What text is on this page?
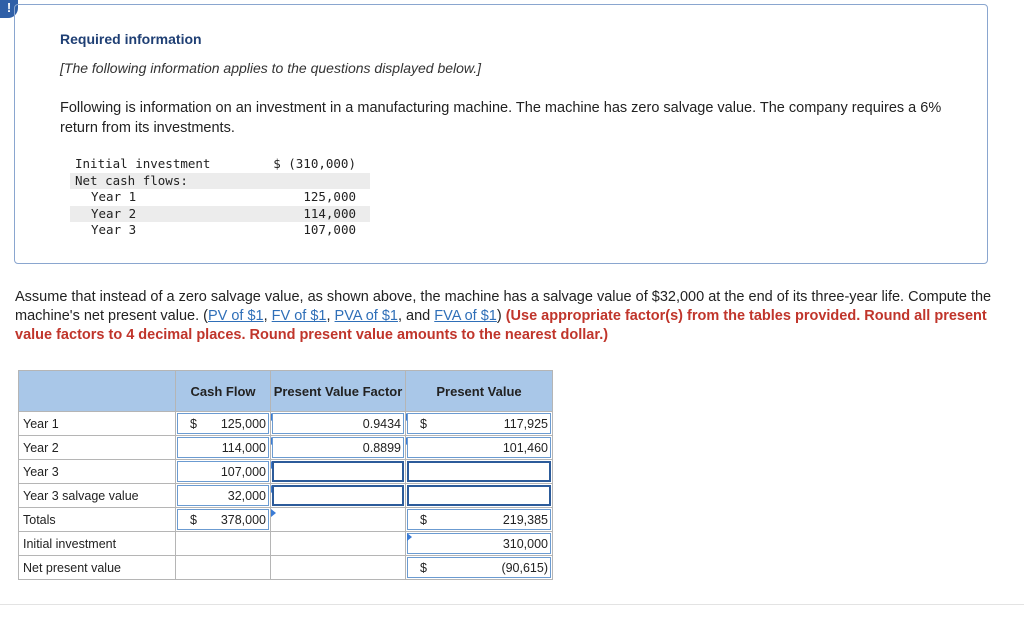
!
Required information
[The following information applies to the questions displayed below.]
Following is information on an investment in a manufacturing machine. The machine has zero salvage value. The company requires a 6% return from its investments.
Initial investment	$ (310,000)
Net cash flows:
Year 1	125,000
Year 2	114,000
Year 3	107,000
Assume that instead of a zero salvage value, as shown above, the machine has a salvage value of $32,000 at the end of its three-year life. Compute the machine's net present value. (PV of $1, FV of $1, PVA of $1, and FVA of $1) (Use appropriate factor(s) from the tables provided. Round all present value factors to 4 decimal places. Round present value amounts to the nearest dollar.)
	Cash Flow	Present Value Factor	Present Value
Year 1	$ 125,000	0.9434	$ 117,925

Year 2	114,000	0.8899	101,460

Year 3	107,000		

Year 3 salvage value	32,000		

Totals	$ 378,000		$ 219,385

Initial investment			310,000

Net present value			$ (90,615)
